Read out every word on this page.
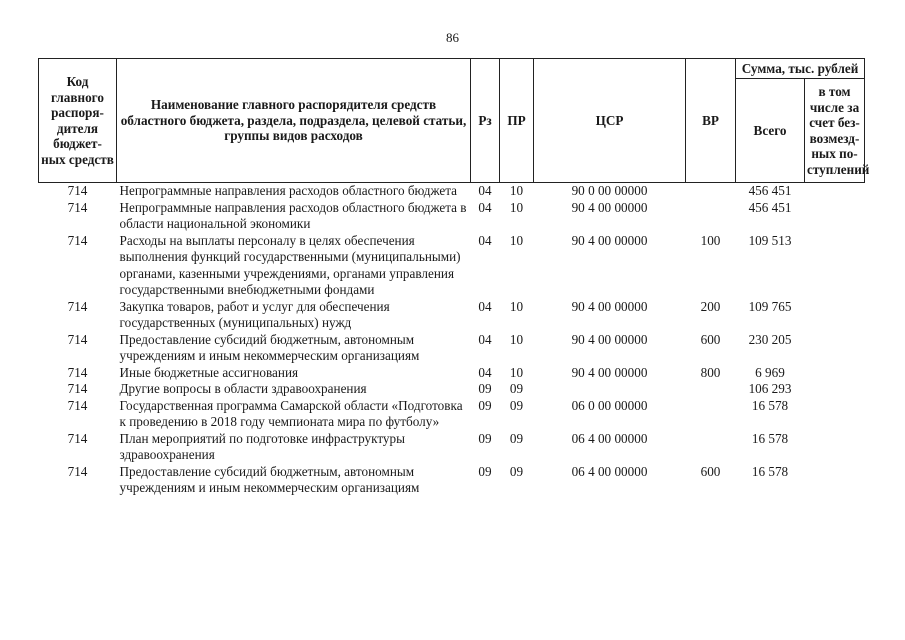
86
Код главного распоря-дителя бюджет-ных средств	Наименование главного распорядителя средств областного бюджета, раздела, подраздела, целевой статьи, группы видов расходов	Рз	ПР	ЦСР	ВР	Сумма, тыс. рублей	
						Всего	в том числе за счет без-возмезд-ных по-ступлений
714	Непрограммные направления расходов областного бюджета	04	10	90 0 00 00000		456 451	
714	Непрограммные направления расходов областного бюджета в области национальной экономики	04	10	90 4 00 00000		456 451	
714	Расходы на выплаты персоналу в целях обеспечения выполнения функций государственными (муниципальными) органами, казенными учреждениями, органами управления государственными внебюджетными фондами	04	10	90 4 00 00000	100	109 513	
714	Закупка товаров, работ и услуг для обеспечения государственных (муниципальных) нужд	04	10	90 4 00 00000	200	109 765	
714	Предоставление субсидий бюджетным, автономным учреждениям и иным некоммерческим организациям	04	10	90 4 00 00000	600	230 205	
714	Иные бюджетные ассигнования	04	10	90 4 00 00000	800	6 969	
714	Другие вопросы в области здравоохранения	09	09			106 293	
714	Государственная программа Самарской области «Подготовка к проведению в 2018 году чемпионата мира по футболу»	09	09	06 0 00 00000		16 578	
714	План мероприятий по подготовке инфраструктуры здравоохранения	09	09	06 4 00 00000		16 578	
714	Предоставление субсидий бюджетным, автономным учреждениям и иным некоммерческим организациям	09	09	06 4 00 00000	600	16 578	
